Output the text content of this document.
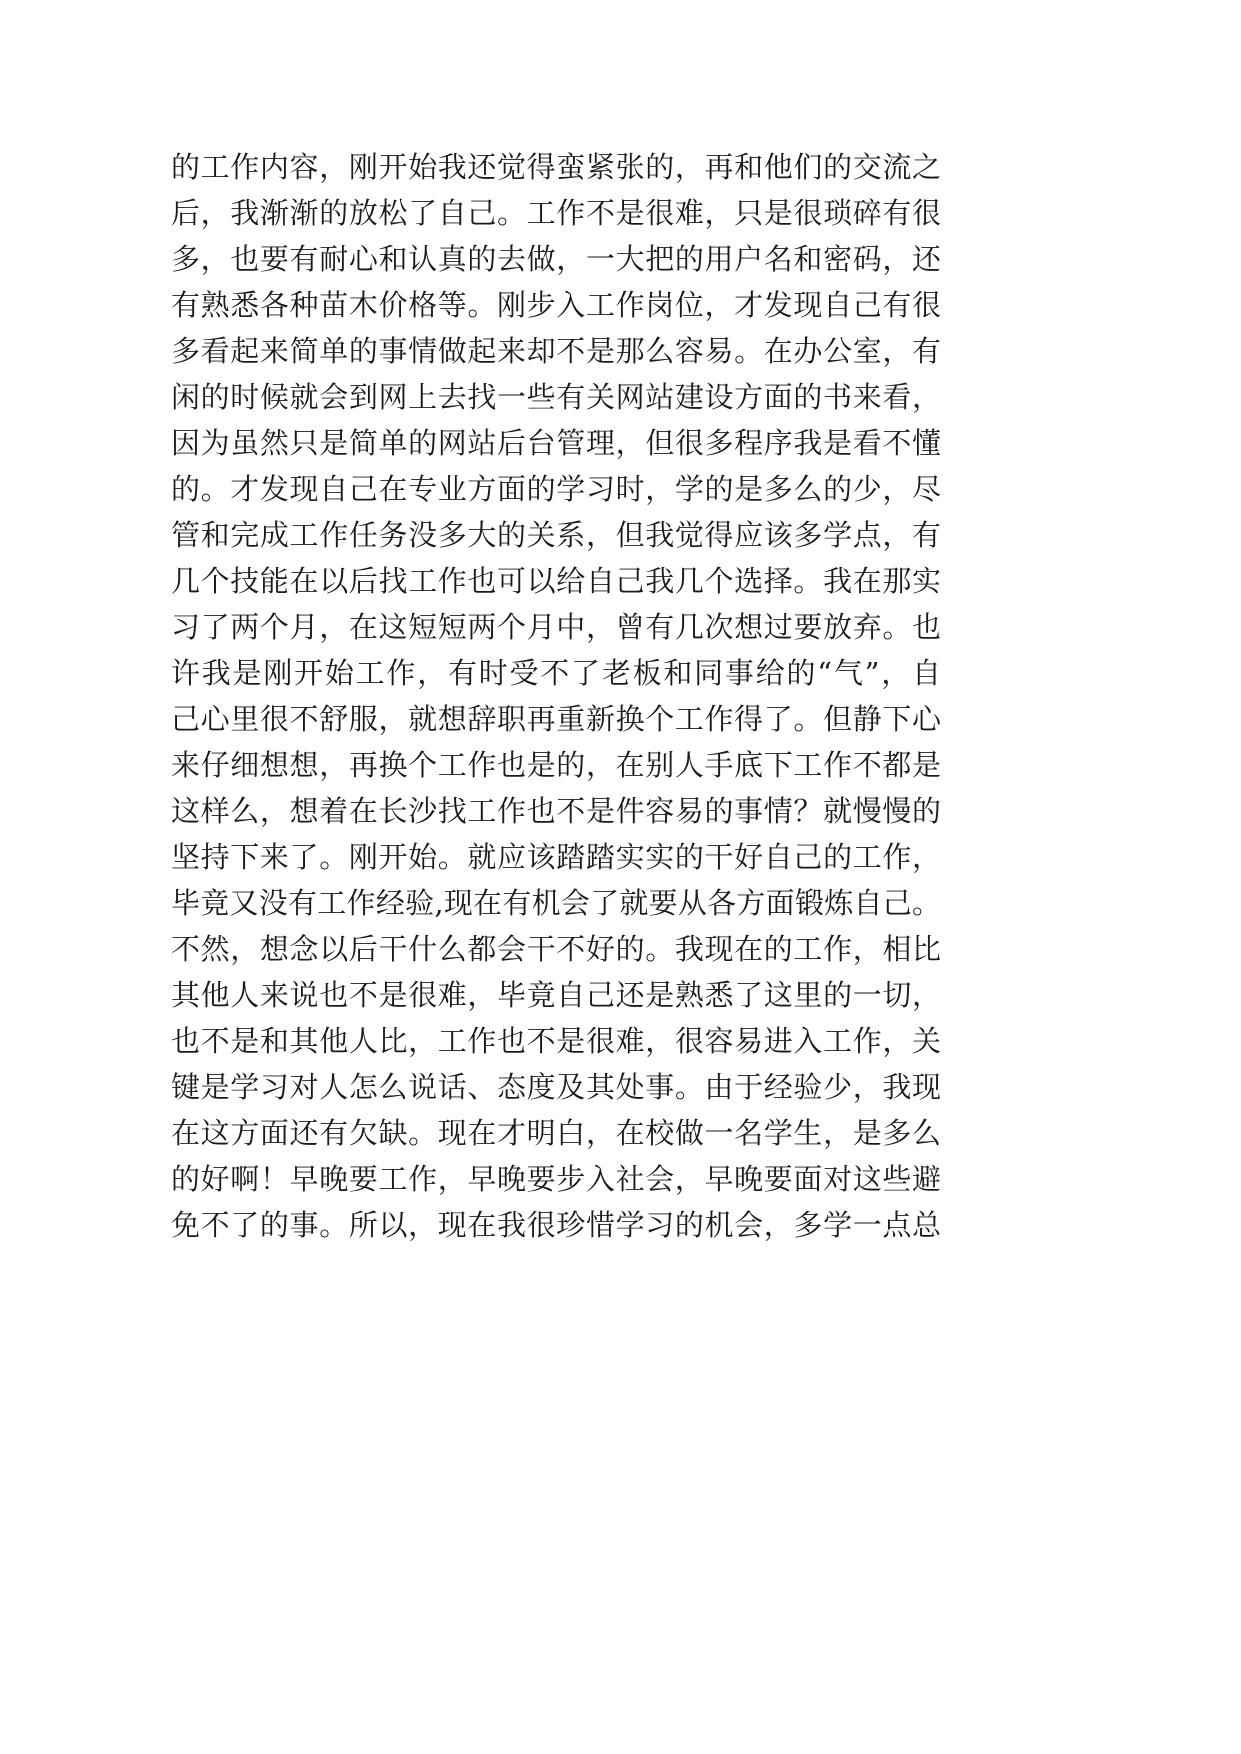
的工作内容，刚开始我还觉得蛮紧张的，再和他们的交流之
后，我渐渐的放松了自己。工作不是很难，只是很琐碎有很
多，也要有耐心和认真的去做，一大把的用户名和密码，还
有熟悉各种苗木价格等。刚步入工作岗位，才发现自己有很
多看起来简单的事情做起来却不是那么容易。在办公室，有
闲的时候就会到网上去找一些有关网站建设方面的书来看，
因为虽然只是简单的网站后台管理，但很多程序我是看不懂
的。才发现自己在专业方面的学习时，学的是多么的少，尽
管和完成工作任务没多大的关系，但我觉得应该多学点，有
几个技能在以后找工作也可以给自己我几个选择。我在那实
习了两个月，在这短短两个月中，曾有几次想过要放弃。也
许我是刚开始工作，有时受不了老板和同事给的“气”，自
己心里很不舒服，就想辞职再重新换个工作得了。但静下心
来仔细想想，再换个工作也是的，在别人手底下工作不都是
这样么，想着在长沙找工作也不是件容易的事情？就慢慢的
坚持下来了。刚开始。就应该踏踏实实的干好自己的工作，
毕竟又没有工作经验,现在有机会了就要从各方面锻炼自己。
不然，想念以后干什么都会干不好的。我现在的工作，相比
其他人来说也不是很难，毕竟自己还是熟悉了这里的一切，
也不是和其他人比，工作也不是很难，很容易进入工作，关
键是学习对人怎么说话、态度及其处事。由于经验少，我现
在这方面还有欠缺。现在才明白，在校做一名学生，是多么
的好啊！早晚要工作，早晚要步入社会，早晚要面对这些避
免不了的事。所以，现在我很珍惜学习的机会，多学一点总
